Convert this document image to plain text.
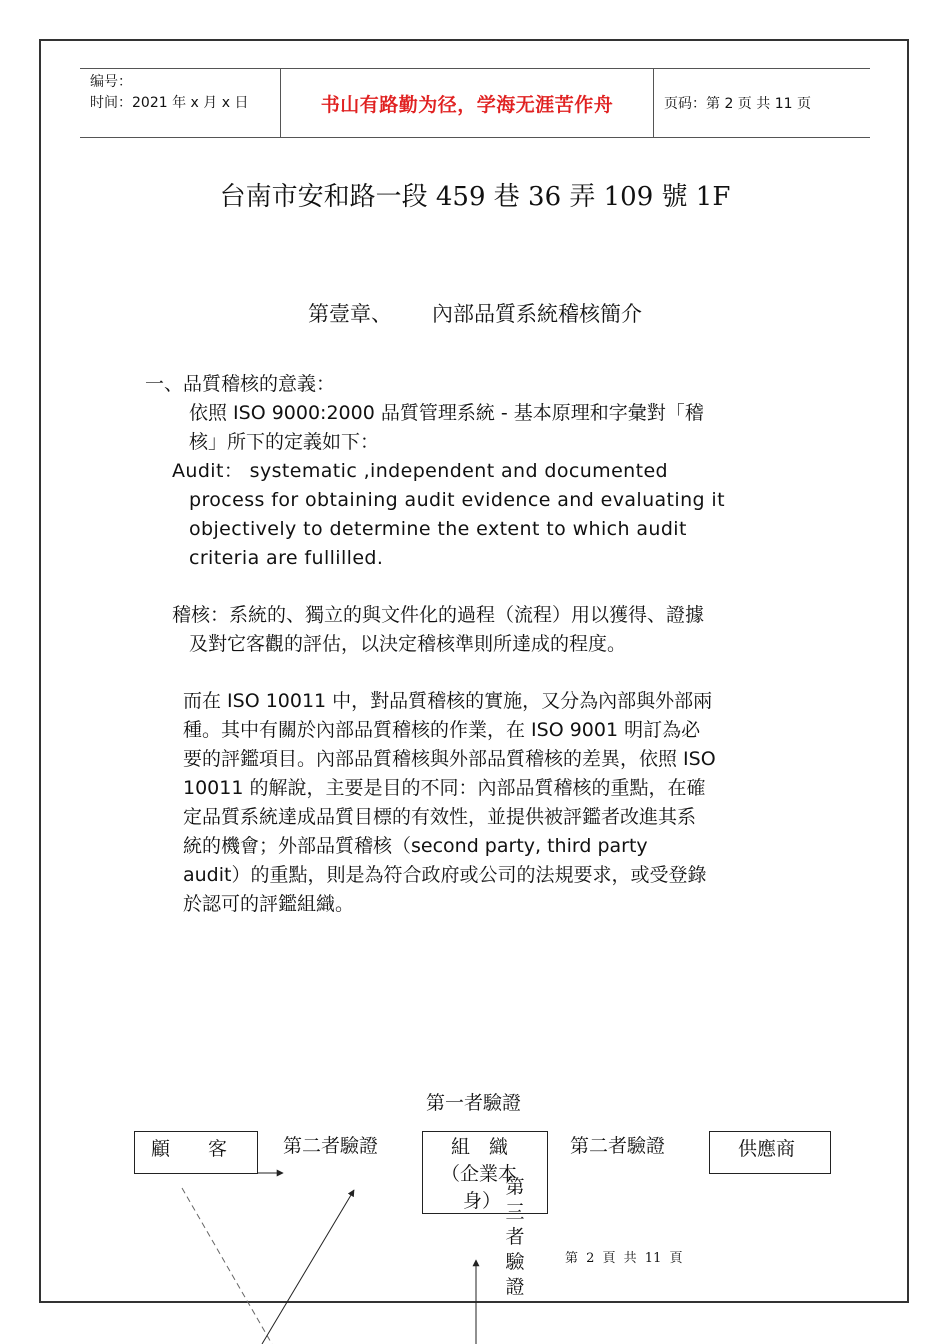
编号：
时间：2021 年 x 月 x 日	书山有路勤为径，学海无涯苦作舟	页码：第 2 页 共 11 页
台南市安和路一段 459 巷 36 弄 109 號 1F
第壹章、 內部品質系統稽核簡介
一、品質稽核的意義：
依照 ISO 9000:2000 品質管理系統 - 基本原理和字彙對「稽
核」所下的定義如下：
Audit： systematic ,independent and documented
process for obtaining audit evidence and evaluating it
objectively to determine the extent to which audit
criteria are fullilled.
稽核：系統的、獨立的與文件化的過程（流程）用以獲得、證據
及對它客觀的評估，以決定稽核準則所達成的程度。
而在 ISO 10011 中，對品質稽核的實施，又分為內部與外部兩
種。其中有關於內部品質稽核的作業，在 ISO 9001 明訂為必
要的評鑑項目。內部品質稽核與外部品質稽核的差異，依照 ISO
10011 的解說，主要是目的不同：內部品質稽核的重點，在確
定品質系統達成品質目標的有效性，並提供被評鑑者改進其系
統的機會；外部品質稽核（second party, third party
audit）的重點，則是為符合政府或公司的法規要求，或受登錄
於認可的評鑑組織。
第一者驗證
顧　　客	第二者驗證	組　織
（企業本
身）
第
三
者
驗
證
第二者驗證	供應商
第 2 頁 共 11 頁
